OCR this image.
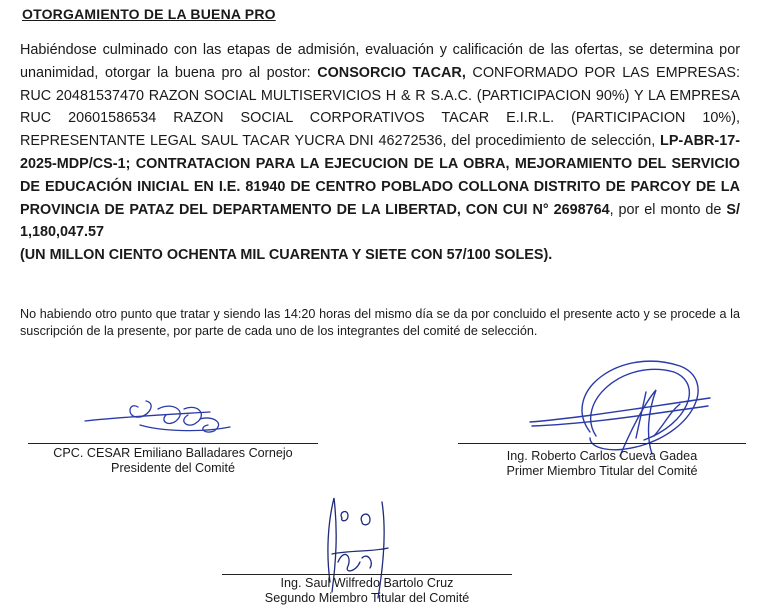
OTORGAMIENTO DE LA BUENA PRO

Habiéndose culminado con las etapas de admisión, evaluación y calificación de las ofertas, se determina por unanimidad, otorgar la buena pro al postor: CONSORCIO TACAR, CONFORMADO POR LAS EMPRESAS: RUC 20481537470 RAZON SOCIAL MULTISERVICIOS H & R S.A.C. (PARTICIPACION 90%) Y LA EMPRESA RUC 20601586534 RAZON SOCIAL CORPORATIVOS TACAR E.I.R.L. (PARTICIPACION 10%), REPRESENTANTE LEGAL SAUL TACAR YUCRA DNI 46272536, del procedimiento de selección, LP-ABR-17-2025-MDP/CS-1; CONTRATACION PARA LA EJECUCION DE LA OBRA, MEJORAMIENTO DEL SERVICIO DE EDUCACIÓN INICIAL EN I.E. 81940 DE CENTRO POBLADO COLLONA DISTRITO DE PARCOY DE LA PROVINCIA DE PATAZ DEL DEPARTAMENTO DE LA LIBERTAD, CON CUI N° 2698764, por el monto de S/ 1,180,047.57
(UN MILLON CIENTO OCHENTA MIL CUARENTA Y SIETE CON 57/100 SOLES).

No habiendo otro punto que tratar y siendo las 14:20 horas del mismo día se da por concluido el presente acto y se procede a la suscripción de la presente, por parte de cada uno de los integrantes del comité de selección.

CPC. CESAR Emiliano Balladares Cornejo
Presidente del Comité
Ing. Roberto Carlos Cueva Gadea
Primer Miembro Titular del Comité
Ing. Saul Wilfredo Bartolo Cruz
Segundo Miembro Titular del Comité
